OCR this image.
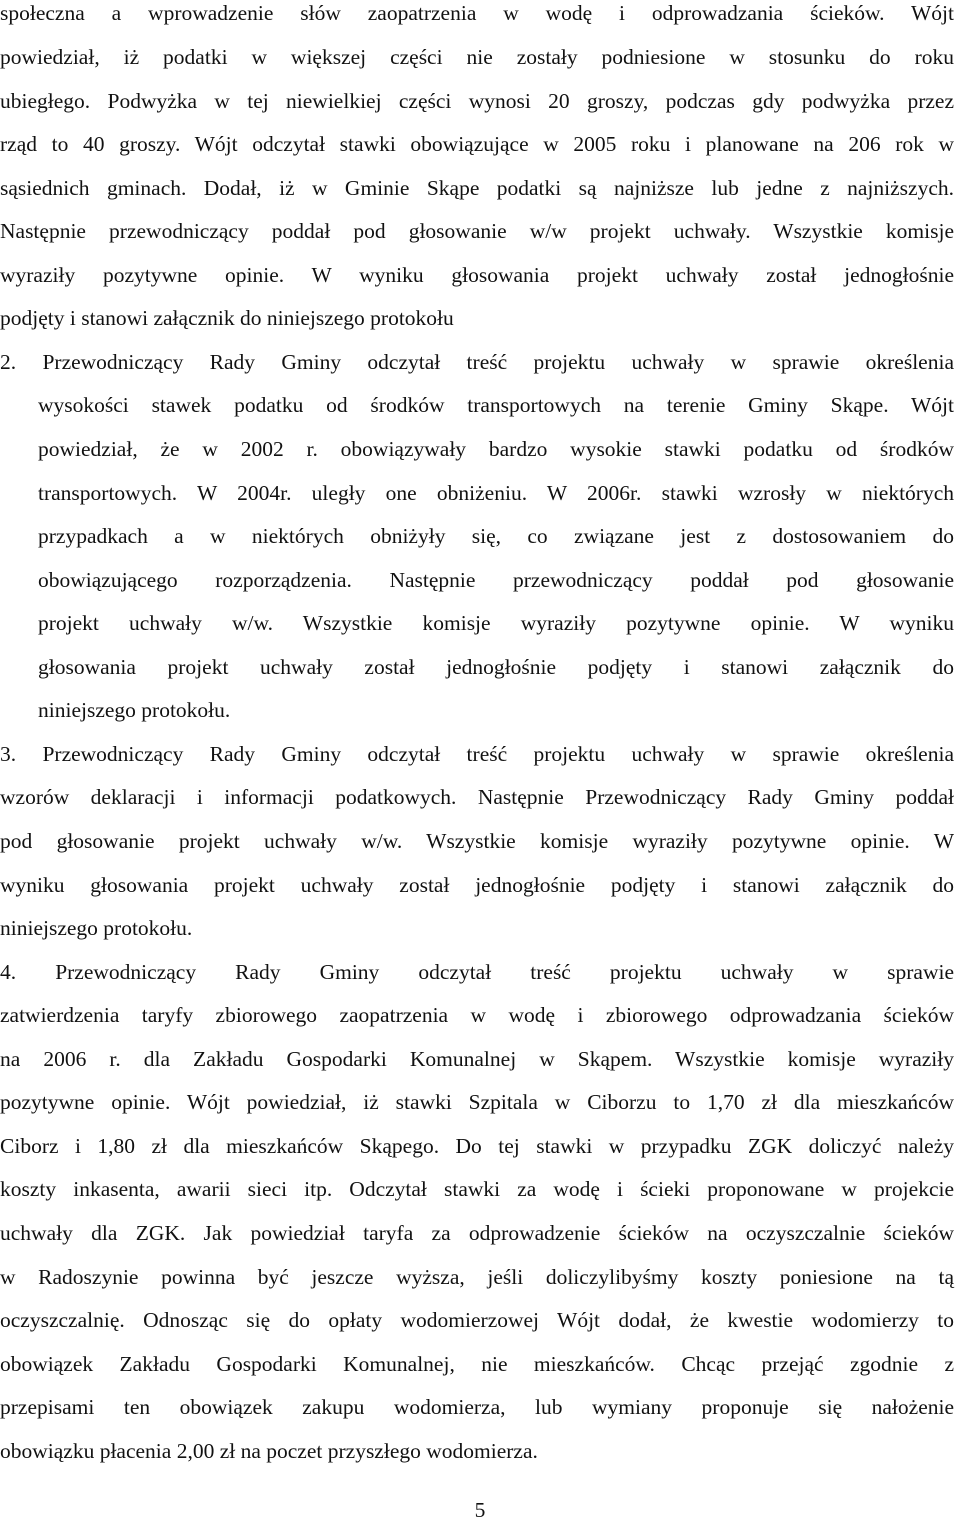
społeczna a wprowadzenie słów zaopatrzenia w wodę i odprowadzania ścieków. Wójt
powiedział, iż podatki w większej części nie zostały podniesione w stosunku do roku
ubiegłego. Podwyżka w tej niewielkiej części wynosi 20 groszy, podczas gdy podwyżka przez
rząd to 40 groszy. Wójt odczytał stawki obowiązujące w 2005 roku i planowane na 206 rok w
sąsiednich gminach. Dodał, iż w Gminie Skąpe podatki są najniższe lub jedne z najniższych.
Następnie przewodniczący poddał pod głosowanie w/w projekt uchwały. Wszystkie komisje
wyraziły pozytywne opinie. W wyniku głosowania projekt uchwały został jednogłośnie
podjęty i stanowi załącznik do niniejszego protokołu
2. Przewodniczący Rady Gminy odczytał treść projektu uchwały w sprawie określenia
wysokości stawek podatku od środków transportowych na terenie Gminy Skąpe. Wójt
powiedział, że w 2002 r. obowiązywały bardzo wysokie stawki podatku od środków
transportowych. W 2004r. uległy one obniżeniu. W 2006r. stawki wzrosły w niektórych
przypadkach a w niektórych obniżyły się, co związane jest z dostosowaniem do
obowiązującego rozporządzenia. Następnie przewodniczący poddał pod głosowanie
projekt uchwały w/w. Wszystkie komisje wyraziły pozytywne opinie. W wyniku
głosowania projekt uchwały został jednogłośnie podjęty i stanowi załącznik do
niniejszego protokołu.
3. Przewodniczący Rady Gminy odczytał treść projektu uchwały w sprawie określenia
wzorów deklaracji i informacji podatkowych. Następnie Przewodniczący Rady Gminy poddał
pod głosowanie projekt uchwały w/w. Wszystkie komisje wyraziły pozytywne opinie. W
wyniku głosowania projekt uchwały został jednogłośnie podjęty i stanowi załącznik do
niniejszego protokołu.
4. Przewodniczący Rady Gminy odczytał treść projektu uchwały w sprawie
zatwierdzenia taryfy zbiorowego zaopatrzenia w wodę i zbiorowego odprowadzania ścieków
na 2006 r. dla Zakładu Gospodarki Komunalnej w Skąpem. Wszystkie komisje wyraziły
pozytywne opinie. Wójt powiedział, iż stawki Szpitala w Ciborzu to 1,70 zł dla mieszkańców
Ciborz i 1,80 zł dla mieszkańców Skąpego. Do tej stawki w przypadku ZGK doliczyć należy
koszty inkasenta, awarii sieci itp. Odczytał stawki za wodę i ścieki proponowane w projekcie
uchwały dla ZGK. Jak powiedział taryfa za odprowadzenie ścieków na oczyszczalnie ścieków
w Radoszynie powinna być jeszcze wyższa, jeśli doliczylibyśmy koszty poniesione na tą
oczyszczalnię. Odnosząc się do opłaty wodomierzowej Wójt dodał, że kwestie wodomierzy to
obowiązek Zakładu Gospodarki Komunalnej, nie mieszkańców. Chcąc przejąć zgodnie z
przepisami ten obowiązek zakupu wodomierza, lub wymiany proponuje się nałożenie
obowiązku płacenia 2,00 zł na poczet przyszłego wodomierza.
5
